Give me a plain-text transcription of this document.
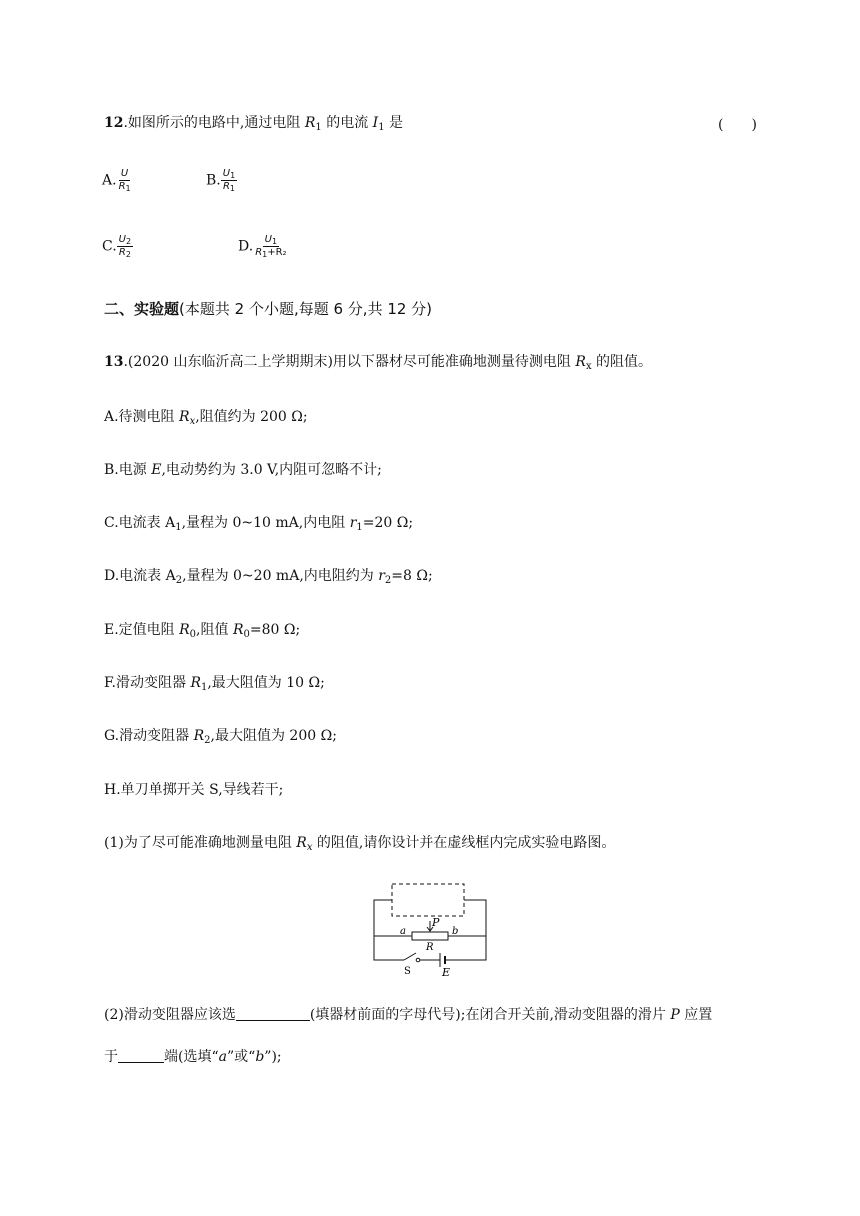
12.如图所示的电路中,通过电阻 $R_1$ 的电流 $I_1$ 是	(　　)
A. $\frac{U}{R_1}$	B. $\frac{U_1}{R_1}$
C. $\frac{U_2}{R_2}$	D. $\frac{U_1}{R_1+R_2}$
二、实验题(本题共 2 个小题,每题 6 分,共 12 分)
13.(2020 山东临沂高二上学期期末)用以下器材尽可能准确地测量待测电阻 $R_x$ 的阻值。
A.待测电阻 $R_x$,阻值约为 200 Ω;
B.电源 E,电动势约为 3.0 V,内阻可忽略不计;
C.电流表 $A_1$,量程为 0~10 mA,内电阻 $r_1=20$ Ω;
D.电流表 $A_2$,量程为 0~20 mA,内电阻约为 $r_2=8$ Ω;
E.定值电阻 $R_0$,阻值 $R_0=80$ Ω;
F.滑动变阻器 $R_1$,最大阻值为 10 Ω;
G.滑动变阻器 $R_2$,最大阻值为 200 Ω;
H.单刀单掷开关 S,导线若干;
(1)为了尽可能准确地测量电阻 $R_x$ 的阻值,请你设计并在虚线框内完成实验电路图。
a	b
P
R
S	E
(2)滑动变阻器应该选	(填器材前面的字母代号);在闭合开关前,滑动变阻器的滑片 P 应置
于	端(选填“a”或“b”);
